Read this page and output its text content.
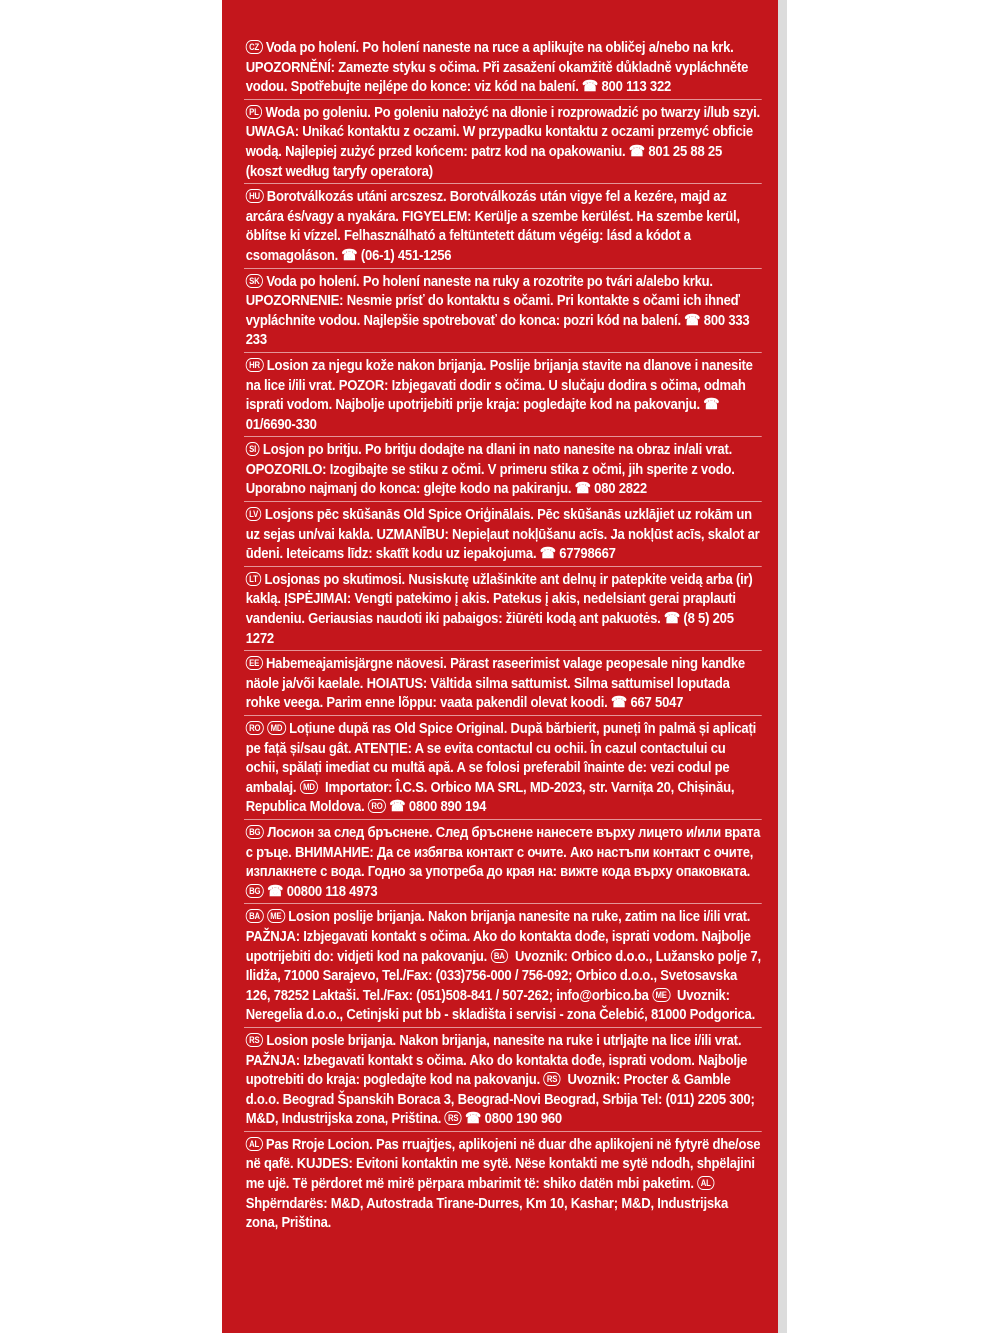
CZ Voda po holení. Po holení naneste na ruce a aplikujte na obličej a/nebo na krk. UPOZORNĚNÍ: Zamezte styku s očima. Při zasažení okamžitě důkladně vypláchněte vodou. Spotřebujte nejlépe do konce: viz kód na balení. ☎ 800 113 322
PL Woda po goleniu. Po goleniu nałożyć na dłonie i rozprowadzić po twarzy i/lub szyi. UWAGA: Unikać kontaktu z oczami. W przypadku kontaktu z oczami przemyć obficie wodą. Najlepiej zużyć przed końcem: patrz kod na opakowaniu. ☎ 801 25 88 25 (koszt według taryfy operatora)
HU Borotválkozás utáni arcszesz. Borotválkozás után vigye fel a kezére, majd az arcára és/vagy a nyakára. FIGYELEM: Kerülje a szembe kerülést. Ha szembe kerül, öblítse ki vízzel. Felhasználható a feltüntetett dátum végéig: lásd a kódot a csomagoláson. ☎ (06-1) 451-1256
SK Voda po holení. Po holení naneste na ruky a rozotrite po tvári a/alebo krku. UPOZORNENIE: Nesmie prísť do kontaktu s očami. Pri kontakte s očami ich ihneď vypláchnite vodou. Najlepšie spotrebovať do konca: pozri kód na balení. ☎ 800 333 233
HR Losion za njegu kože nakon brijanja. Poslije brijanja stavite na dlanove i nanesite na lice i/ili vrat. POZOR: Izbjegavati dodir s očima. U slučaju dodira s očima, odmah isprati vodom. Najbolje upotrijebiti prije kraja: pogledajte kod na pakovanju. ☎ 01/6690-330
SI Losjon po britju. Po britju dodajte na dlani in nato nanesite na obraz in/ali vrat. OPOZORILO: Izogibajte se stiku z očmi. V primeru stika z očmi, jih sperite z vodo. Uporabno najmanj do konca: glejte kodo na pakiranju. ☎ 080 2822
LV Losjons pēc skūšanās Old Spice Oriģinālais. Pēc skūšanās uzklājiet uz rokām un uz sejas un/vai kakla. UZMANĪBU: Nepieļaut nokļūšanu acīs. Ja nokļūst acīs, skalot ar ūdeni. Ieteicams līdz: skatīt kodu uz iepakojuma. ☎ 67798667
LT Losjonas po skutimosi. Nusiskutę užlašinkite ant delnų ir patepkite veidą arba (ir) kaklą. ĮSPĖJIMAI: Vengti patekimo į akis. Patekus į akis, nedelsiant gerai praplauti vandeniu. Geriausias naudoti iki pabaigos: žiūrėti kodą ant pakuotės. ☎ (8 5) 205 1272
EE Habemeajamisjärgne näovesi. Pärast raseerimist valage peopesale ning kandke näole ja/või kaelale. HOIATUS: Vältida silma sattumist. Silma sattumisel loputada rohke veega. Parim enne lõppu: vaata pakendil olevat koodi. ☎ 667 5047
RO MD Loțiune după ras Old Spice Original. După bărbierit, puneți în palmă și aplicați pe față și/sau gât. ATENȚIE: A se evita contactul cu ochii. În cazul contactului cu ochii, spălați imediat cu multă apă. A se folosi preferabil înainte de: vezi codul pe ambalaj. MD Importator: Î.C.S. Orbico MA SRL, MD-2023, str. Varnița 20, Chișinău, Republica Moldova. RO ☎ 0800 890 194
BG Лосион за след бръснене. След бръснене нанесете върху лицето и/или врата с ръце. ВНИМАНИЕ: Да се избягва контакт с очите. Ако настъпи контакт с очите, изплакнете с вода. Годно за употреба до края на: вижте кода върху опаковката. BG ☎ 00800 118 4973
BA ME Losion poslije brijanja. Nakon brijanja nanesite na ruke, zatim na lice i/ili vrat. PAŽNJA: Izbjegavati kontakt s očima. Ako do kontakta dođe, isprati vodom. Najbolje upotrijebiti do: vidjeti kod na pakovanju. BA Uvoznik: Orbico d.o.o., Lužansko polje 7, Ilidža, 71000 Sarajevo, Tel./Fax: (033)756-000 / 756-092; Orbico d.o.o., Svetosavska 126, 78252 Laktaši. Tel./Fax: (051)508-841 / 507-262; info@orbico.ba ME Uvoznik: Neregelia d.o.o., Cetinjski put bb - skladišta i servisi - zona Čelebić, 81000 Podgorica.
RS Losion posle brijanja. Nakon brijanja, nanesite na ruke i utrljajte na lice i/ili vrat. PAŽNJA: Izbegavati kontakt s očima. Ako do kontakta dođe, isprati vodom. Najbolje upotrebiti do kraja: pogledajte kod na pakovanju. RS Uvoznik: Procter & Gamble d.o.o. Beograd Španskih Boraca 3, Beograd-Novi Beograd, Srbija Tel: (011) 2205 300; M&D, Industrijska zona, Priština. RS ☎ 0800 190 960
AL Pas Rroje Locion. Pas rruajtjes, aplikojeni në duar dhe aplikojeni në fytyrë dhe/ose në qafë. KUJDES: Evitoni kontaktin me sytë. Nëse kontakti me sytë ndodh, shpëlajini me ujë. Të përdoret më mirë përpara mbarimit të: shiko datën mbi paketim. AL Shpërndarës: M&D, Autostrada Tirane-Durres, Km 10, Kashar; M&D, Industrijska zona, Priština.
